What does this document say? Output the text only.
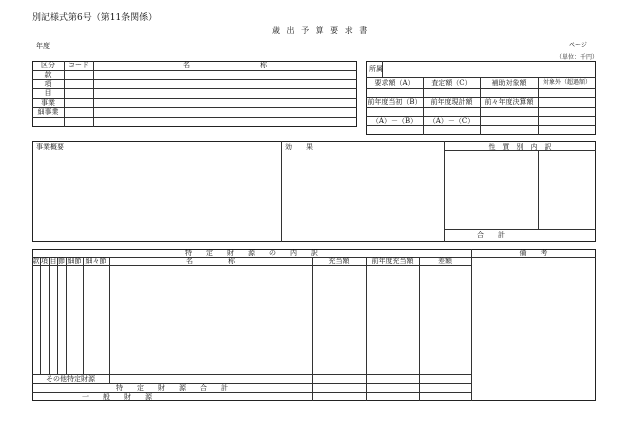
別記様式第6号（第11条関係）
歳 出 予 算 要 求 書
年度	ページ
（単位：千円）
区分	コード	名　　　　　　　　　　称
款
項
目
事業
細事業
所属
要求額（A）	査定額（C）	補助対象額	対象外（超過額）
前年度当初（B）	前年度現計額	前々年度決算額
（A）－（B）	（A）－（C）
事業概要	効　　果	性　質　別　内　訳
合　　計
特　　定　　財　　源　　の　　内　　訳	備　　考
款 項 目 節 細節 細々節	名　　　　　称	充当額	前年度充当額	差額
その他特定財源
特　　定　　財　　源　　合　　計
一　　般　　財　　源
